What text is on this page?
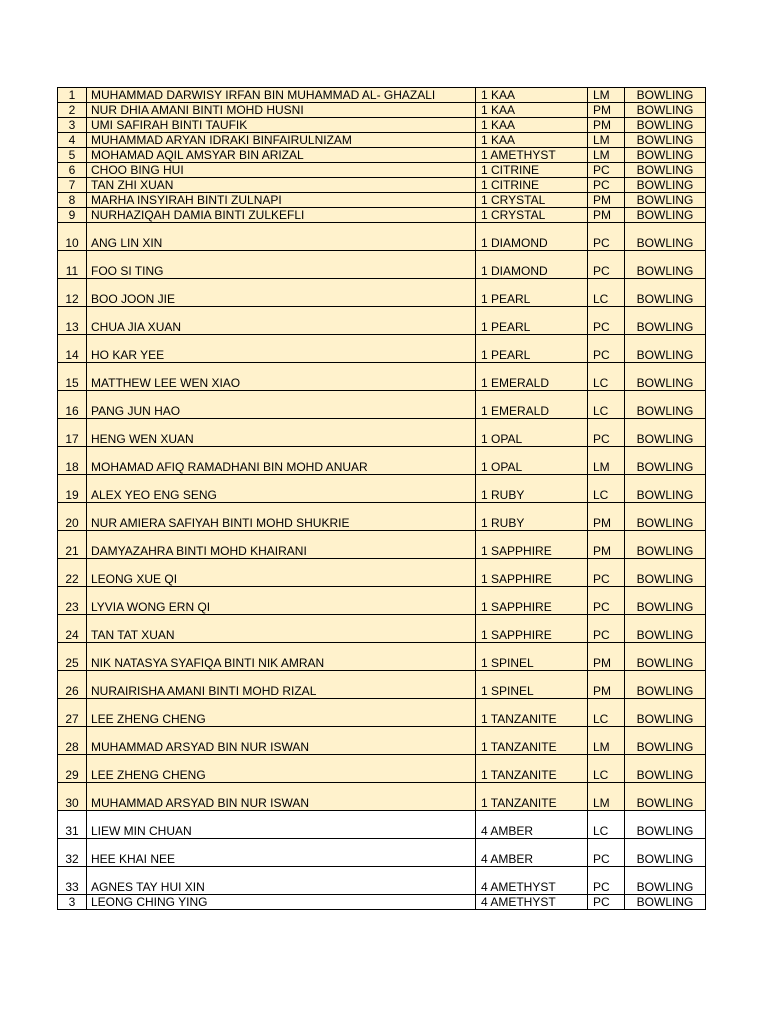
1	MUHAMMAD DARWISY IRFAN BIN MUHAMMAD AL- GHAZALI	1 KAA	LM	BOWLING
2	NUR DHIA AMANI BINTI MOHD HUSNI	1 KAA	PM	BOWLING
3	UMI SAFIRAH BINTI TAUFIK	1 KAA	PM	BOWLING
4	MUHAMMAD ARYAN IDRAKI BINFAIRULNIZAM	1 KAA	LM	BOWLING
5	MOHAMAD AQIL AMSYAR BIN ARIZAL	1 AMETHYST	LM	BOWLING
6	CHOO BING HUI	1 CITRINE	PC	BOWLING
7	TAN ZHI XUAN	1 CITRINE	PC	BOWLING
8	MARHA INSYIRAH BINTI ZULNAPI	1 CRYSTAL	PM	BOWLING
9	NURHAZIQAH DAMIA BINTI ZULKEFLI	1 CRYSTAL	PM	BOWLING
10	ANG LIN XIN	1 DIAMOND	PC	BOWLING
11	FOO SI TING	1 DIAMOND	PC	BOWLING
12	BOO JOON JIE	1 PEARL	LC	BOWLING
13	CHUA JIA XUAN	1 PEARL	PC	BOWLING
14	HO KAR YEE	1 PEARL	PC	BOWLING
15	MATTHEW LEE WEN XIAO	1 EMERALD	LC	BOWLING
16	PANG JUN HAO	1 EMERALD	LC	BOWLING
17	HENG WEN XUAN	1 OPAL	PC	BOWLING
18	MOHAMAD AFIQ RAMADHANI BIN MOHD ANUAR	1 OPAL	LM	BOWLING
19	ALEX YEO ENG SENG	1 RUBY	LC	BOWLING
20	NUR AMIERA SAFIYAH BINTI MOHD SHUKRIE	1 RUBY	PM	BOWLING
21	DAMYAZAHRA BINTI MOHD KHAIRANI	1 SAPPHIRE	PM	BOWLING
22	LEONG XUE QI	1 SAPPHIRE	PC	BOWLING
23	LYVIA WONG ERN QI	1 SAPPHIRE	PC	BOWLING
24	TAN TAT XUAN	1 SAPPHIRE	PC	BOWLING
25	NIK NATASYA SYAFIQA BINTI NIK AMRAN	1 SPINEL	PM	BOWLING
26	NURAIRISHA AMANI BINTI MOHD RIZAL	1 SPINEL	PM	BOWLING
27	LEE ZHENG CHENG	1 TANZANITE	LC	BOWLING
28	MUHAMMAD ARSYAD BIN NUR ISWAN	1 TANZANITE	LM	BOWLING
29	LEE ZHENG CHENG	1 TANZANITE	LC	BOWLING
30	MUHAMMAD ARSYAD BIN NUR ISWAN	1 TANZANITE	LM	BOWLING
31	LIEW MIN CHUAN	4 AMBER	LC	BOWLING
32	HEE KHAI NEE	4 AMBER	PC	BOWLING
33	AGNES TAY HUI XIN	4 AMETHYST	PC	BOWLING
3	LEONG CHING YING	4 AMETHYST	PC	BOWLING
